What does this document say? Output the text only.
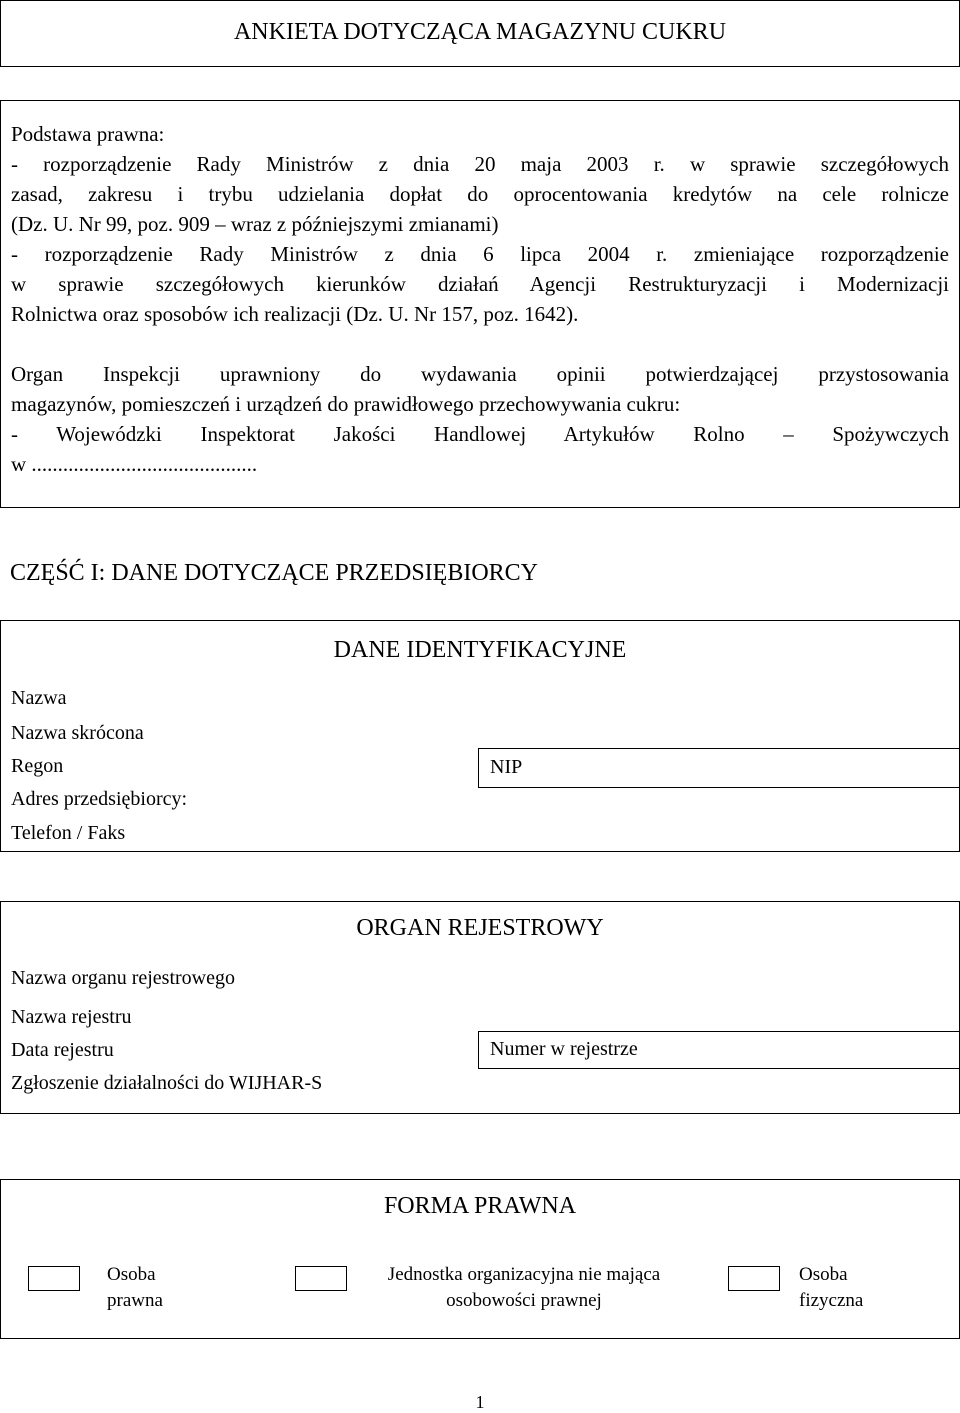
ANKIETA DOTYCZĄCA MAGAZYNU CUKRU
Podstawa prawna:
- rozporządzenie Rady Ministrów z dnia 20 maja 2003 r. w sprawie szczegółowych
zasad, zakresu i trybu udzielania dopłat do oprocentowania kredytów na cele rolnicze
(Dz. U. Nr 99, poz. 909 – wraz z późniejszymi zmianami)
- rozporządzenie Rady Ministrów z dnia 6 lipca 2004 r. zmieniające rozporządzenie
w sprawie szczegółowych kierunków działań Agencji Restrukturyzacji i Modernizacji
Rolnictwa oraz sposobów ich realizacji (Dz. U. Nr 157, poz. 1642).
Organ Inspekcji uprawniony do wydawania opinii potwierdzającej przystosowania
magazynów, pomieszczeń i urządzeń do prawidłowego przechowywania cukru:
- Wojewódzki Inspektorat Jakości Handlowej Artykułów Rolno – Spożywczych
w ...........................................
CZĘŚĆ I: DANE DOTYCZĄCE PRZEDSIĘBIORCY
DANE IDENTYFIKACYJNE
Nazwa
Nazwa skrócona
Regon
Adres przedsiębiorcy:
Telefon / Faks
NIP
ORGAN REJESTROWY
Nazwa organu rejestrowego
Nazwa rejestru
Data rejestru
Zgłoszenie działalności do WIJHAR-S
Numer w rejestrze
FORMA PRAWNA
Osoba
prawna
Jednostka organizacyjna nie mająca
osobowości prawnej
Osoba
fizyczna
1
